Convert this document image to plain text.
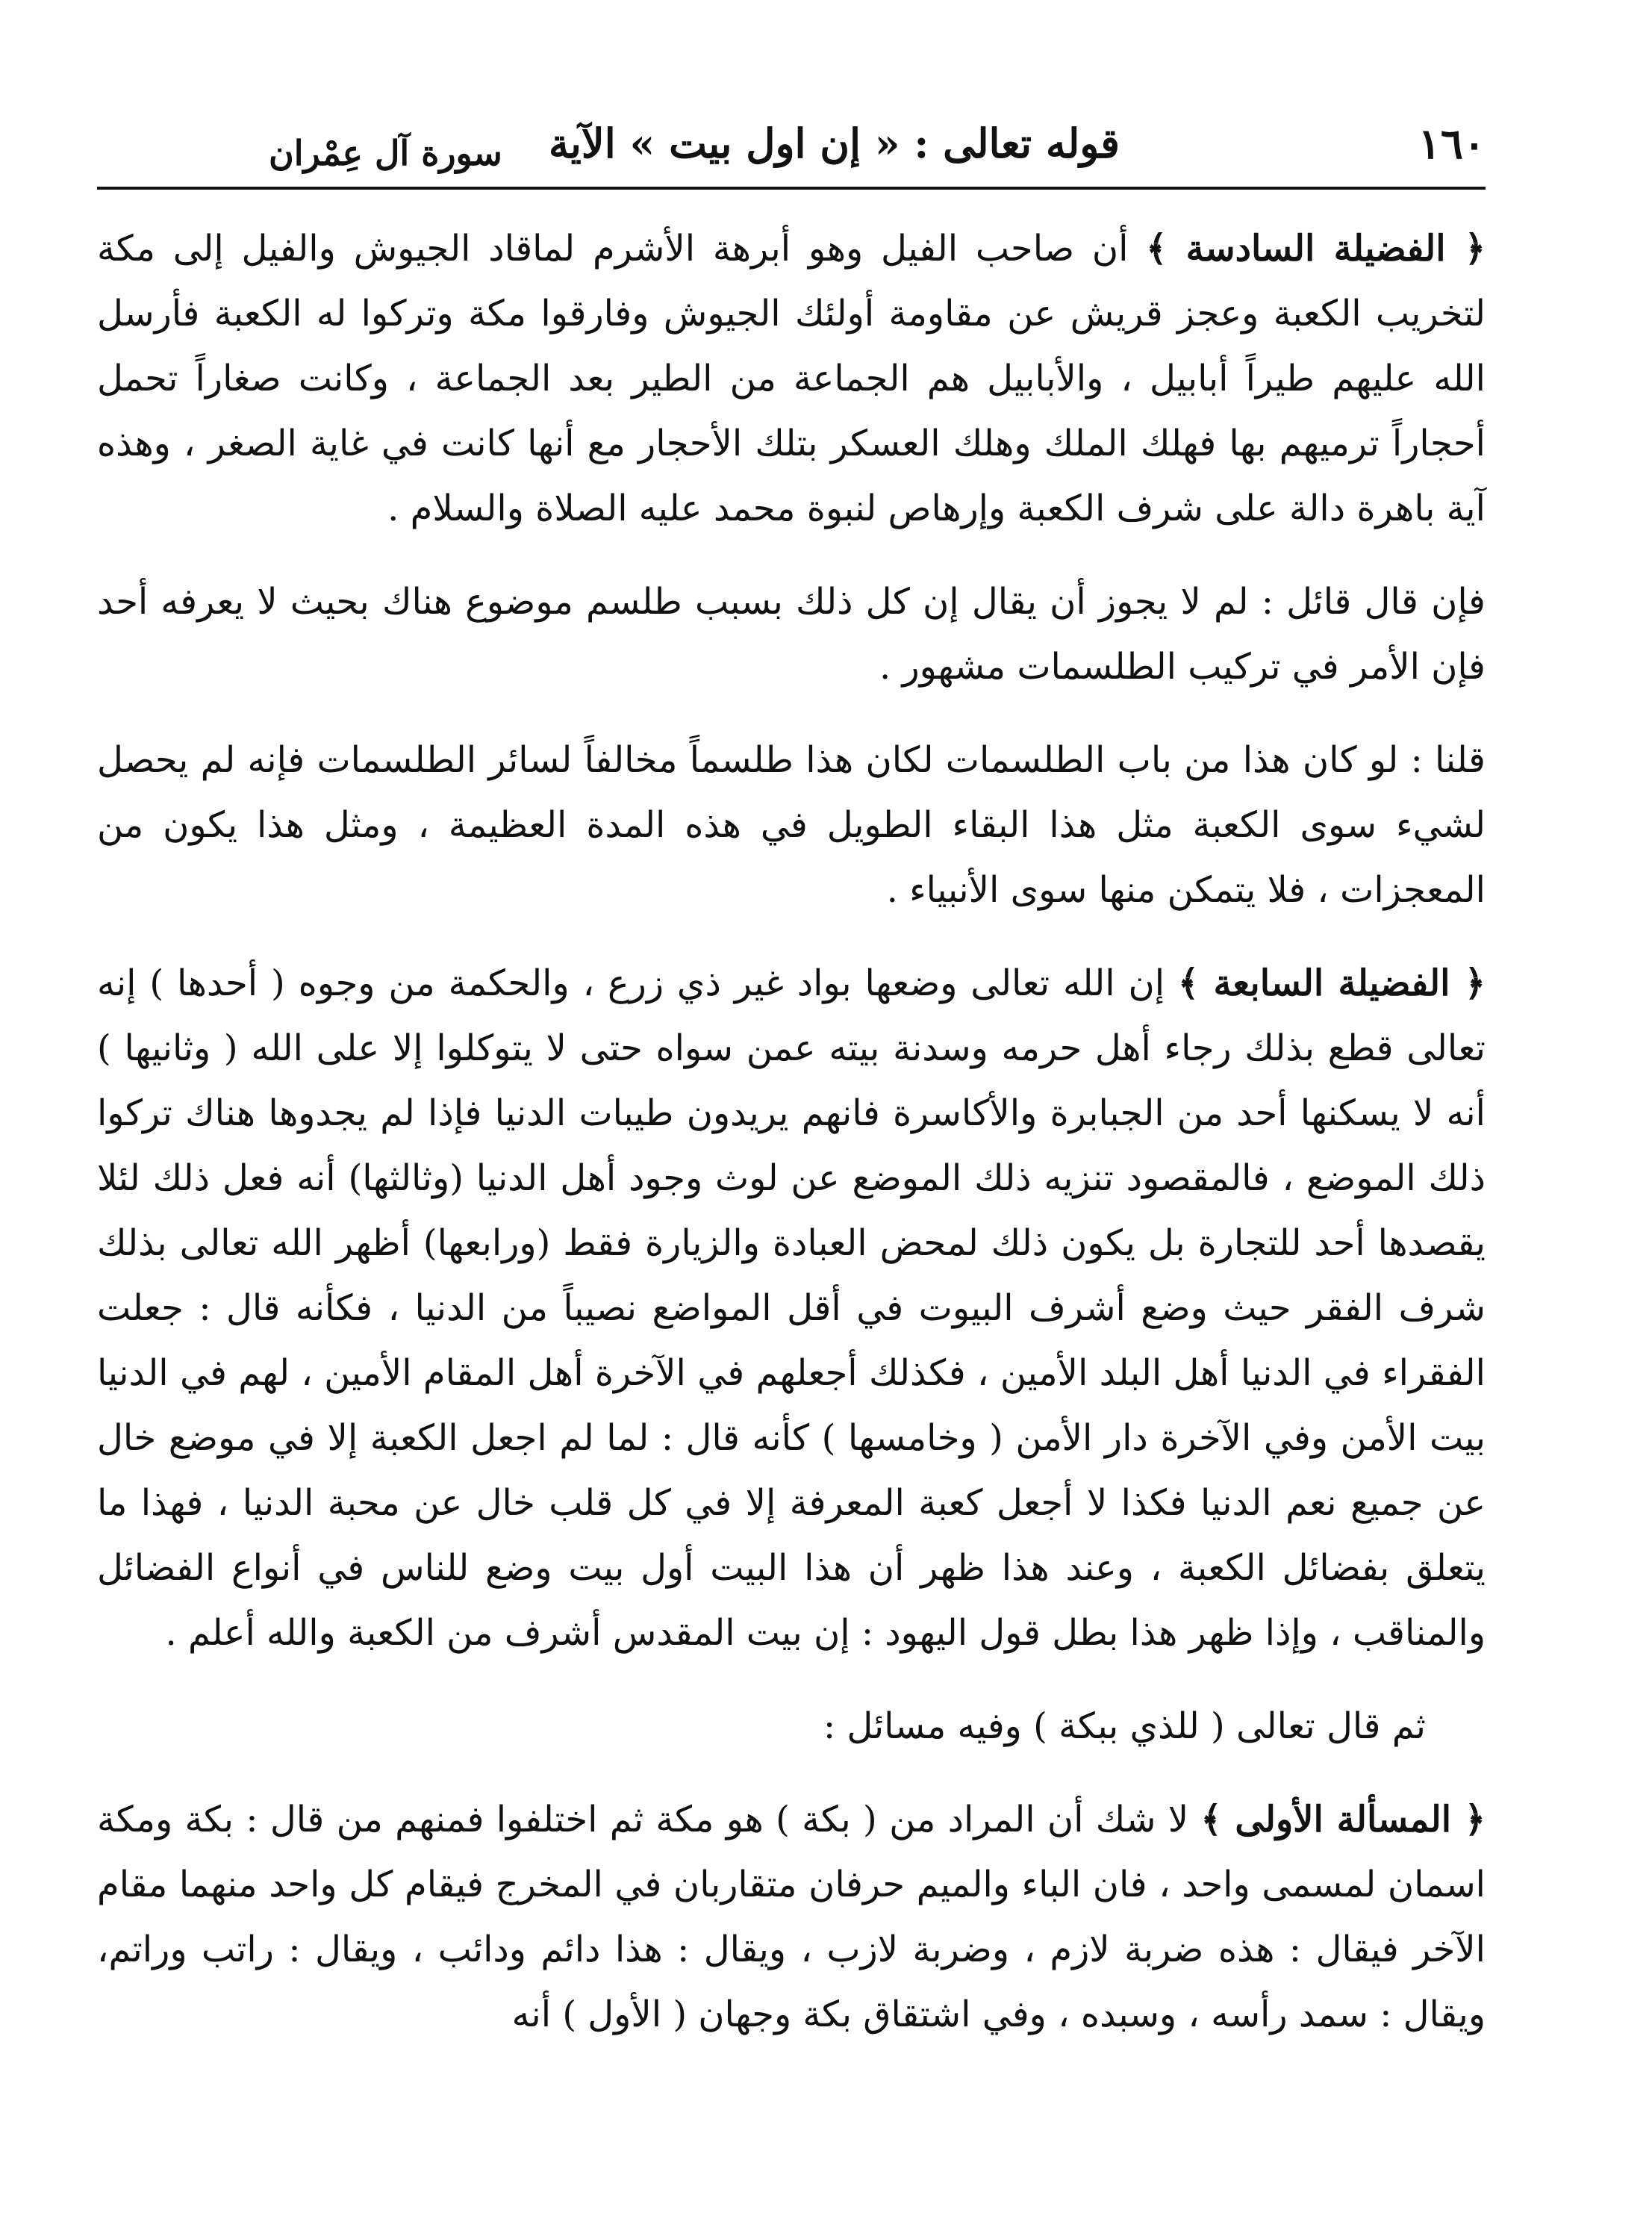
١٦٠
قوله تعالى : « إن اول بيت » الآية
سورة آل عِمْران

﴿ الفضيلة السادسة ﴾ أن صاحب الفيل وهو أبرهة الأشرم لماقاد الجيوش والفيل إلى مكة لتخريب الكعبة وعجز قريش عن مقاومة أولئك الجيوش وفارقوا مكة وتركوا له الكعبة فأرسل الله عليهم طيراً أبابيل ، والأبابيل هم الجماعة من الطير بعد الجماعة ، وكانت صغاراً تحمل أحجاراً ترميهم بها فهلك الملك وهلك العسكر بتلك الأحجار مع أنها كانت في غاية الصغر ، وهذه آية باهرة دالة على شرف الكعبة وإرهاص لنبوة محمد عليه الصلاة والسلام .

فإن قال قائل : لم لا يجوز أن يقال إن كل ذلك بسبب طلسم موضوع هناك بحيث لا يعرفه أحد فإن الأمر في تركيب الطلسمات مشهور .

قلنا : لو كان هذا من باب الطلسمات لكان هذا طلسماً مخالفاً لسائر الطلسمات فإنه لم يحصل لشيء سوى الكعبة مثل هذا البقاء الطويل في هذه المدة العظيمة ، ومثل هذا يكون من المعجزات ، فلا يتمكن منها سوى الأنبياء .

﴿ الفضيلة السابعة ﴾ إن الله تعالى وضعها بواد غير ذي زرع ، والحكمة من وجوه ( أحدها ) إنه تعالى قطع بذلك رجاء أهل حرمه وسدنة بيته عمن سواه حتى لا يتوكلوا إلا على الله ( وثانيها ) أنه لا يسكنها أحد من الجبابرة والأكاسرة فانهم يريدون طيبات الدنيا فإذا لم يجدوها هناك تركوا ذلك الموضع ، فالمقصود تنزيه ذلك الموضع عن لوث وجود أهل الدنيا (وثالثها) أنه فعل ذلك لئلا يقصدها أحد للتجارة بل يكون ذلك لمحض العبادة والزيارة فقط (ورابعها) أظهر الله تعالى بذلك شرف الفقر حيث وضع أشرف البيوت في أقل المواضع نصيباً من الدنيا ، فكأنه قال : جعلت الفقراء في الدنيا أهل البلد الأمين ، فكذلك أجعلهم في الآخرة أهل المقام الأمين ، لهم في الدنيا بيت الأمن وفي الآخرة دار الأمن ( وخامسها ) كأنه قال : لما لم اجعل الكعبة إلا في موضع خال عن جميع نعم الدنيا فكذا لا أجعل كعبة المعرفة إلا في كل قلب خال عن محبة الدنيا ، فهذا ما يتعلق بفضائل الكعبة ، وعند هذا ظهر أن هذا البيت أول بيت وضع للناس في أنواع الفضائل والمناقب ، وإذا ظهر هذا بطل قول اليهود : إن بيت المقدس أشرف من الكعبة والله أعلم .

ثم قال تعالى ( للذي ببكة ) وفيه مسائل :

﴿ المسألة الأولى ﴾ لا شك أن المراد من ( بكة ) هو مكة ثم اختلفوا فمنهم من قال : بكة ومكة اسمان لمسمى واحد ، فان الباء والميم حرفان متقاربان في المخرج فيقام كل واحد منهما مقام الآخر فيقال : هذه ضربة لازم ، وضربة لازب ، ويقال : هذا دائم ودائب ، ويقال : راتب وراتم، ويقال : سمد رأسه ، وسبده ، وفي اشتقاق بكة وجهان ( الأول ) أنه
